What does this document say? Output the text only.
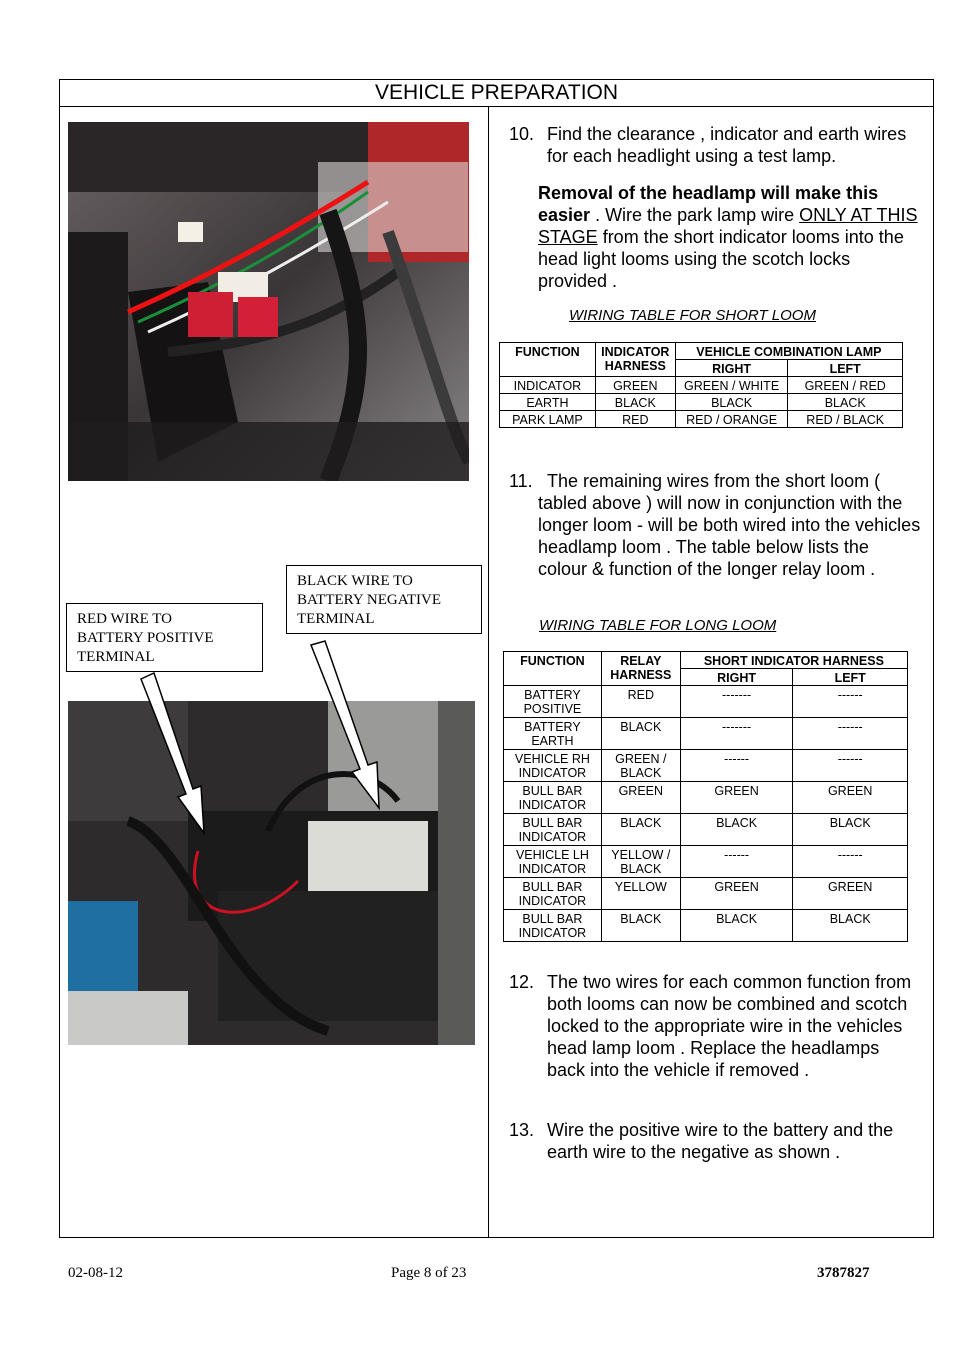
VEHICLE PREPARATION
BLACK WIRE TO
BATTERY NEGATIVE
TERMINAL
RED WIRE TO
BATTERY POSITIVE
TERMINAL
10. Find the clearance , indicator and earth wires for each headlight using a test lamp.
Removal of the headlamp will make this easier . Wire the park lamp wire ONLY AT THIS STAGE from the short indicator looms into the head light looms using the scotch locks provided .
WIRING TABLE FOR SHORT LOOM
FUNCTION	INDICATOR HARNESS	VEHICLE COMBINATION LAMP	
		RIGHT	LEFT
INDICATOR	GREEN	GREEN / WHITE	GREEN / RED
EARTH	BLACK	BLACK	BLACK
PARK LAMP	RED	RED / ORANGE	RED / BLACK
11. The remaining wires from the short loom ( tabled above ) will now in conjunction with the longer loom - will be both wired into the vehicles headlamp loom . The table below lists the colour & function of the longer relay loom .
WIRING TABLE FOR LONG LOOM
FUNCTION	RELAY HARNESS	SHORT INDICATOR HARNESS	
		RIGHT	LEFT
BATTERY POSITIVE	RED	-------	------
BATTERY EARTH	BLACK	-------	------
VEHICLE RH INDICATOR	GREEN / BLACK	------	------
BULL BAR INDICATOR	GREEN	GREEN	GREEN
BULL BAR INDICATOR	BLACK	BLACK	BLACK
VEHICLE LH INDICATOR	YELLOW / BLACK	------	------
BULL BAR INDICATOR	YELLOW	GREEN	GREEN
BULL BAR INDICATOR	BLACK	BLACK	BLACK
12. The two wires for each common function from both looms can now be combined and scotch locked to the appropriate wire in the vehicles head lamp loom . Replace the headlamps back into the vehicle if removed .
13. Wire the positive wire to the battery and the earth wire to the negative as shown .
02-08-12	Page 8 of 23	3787827
